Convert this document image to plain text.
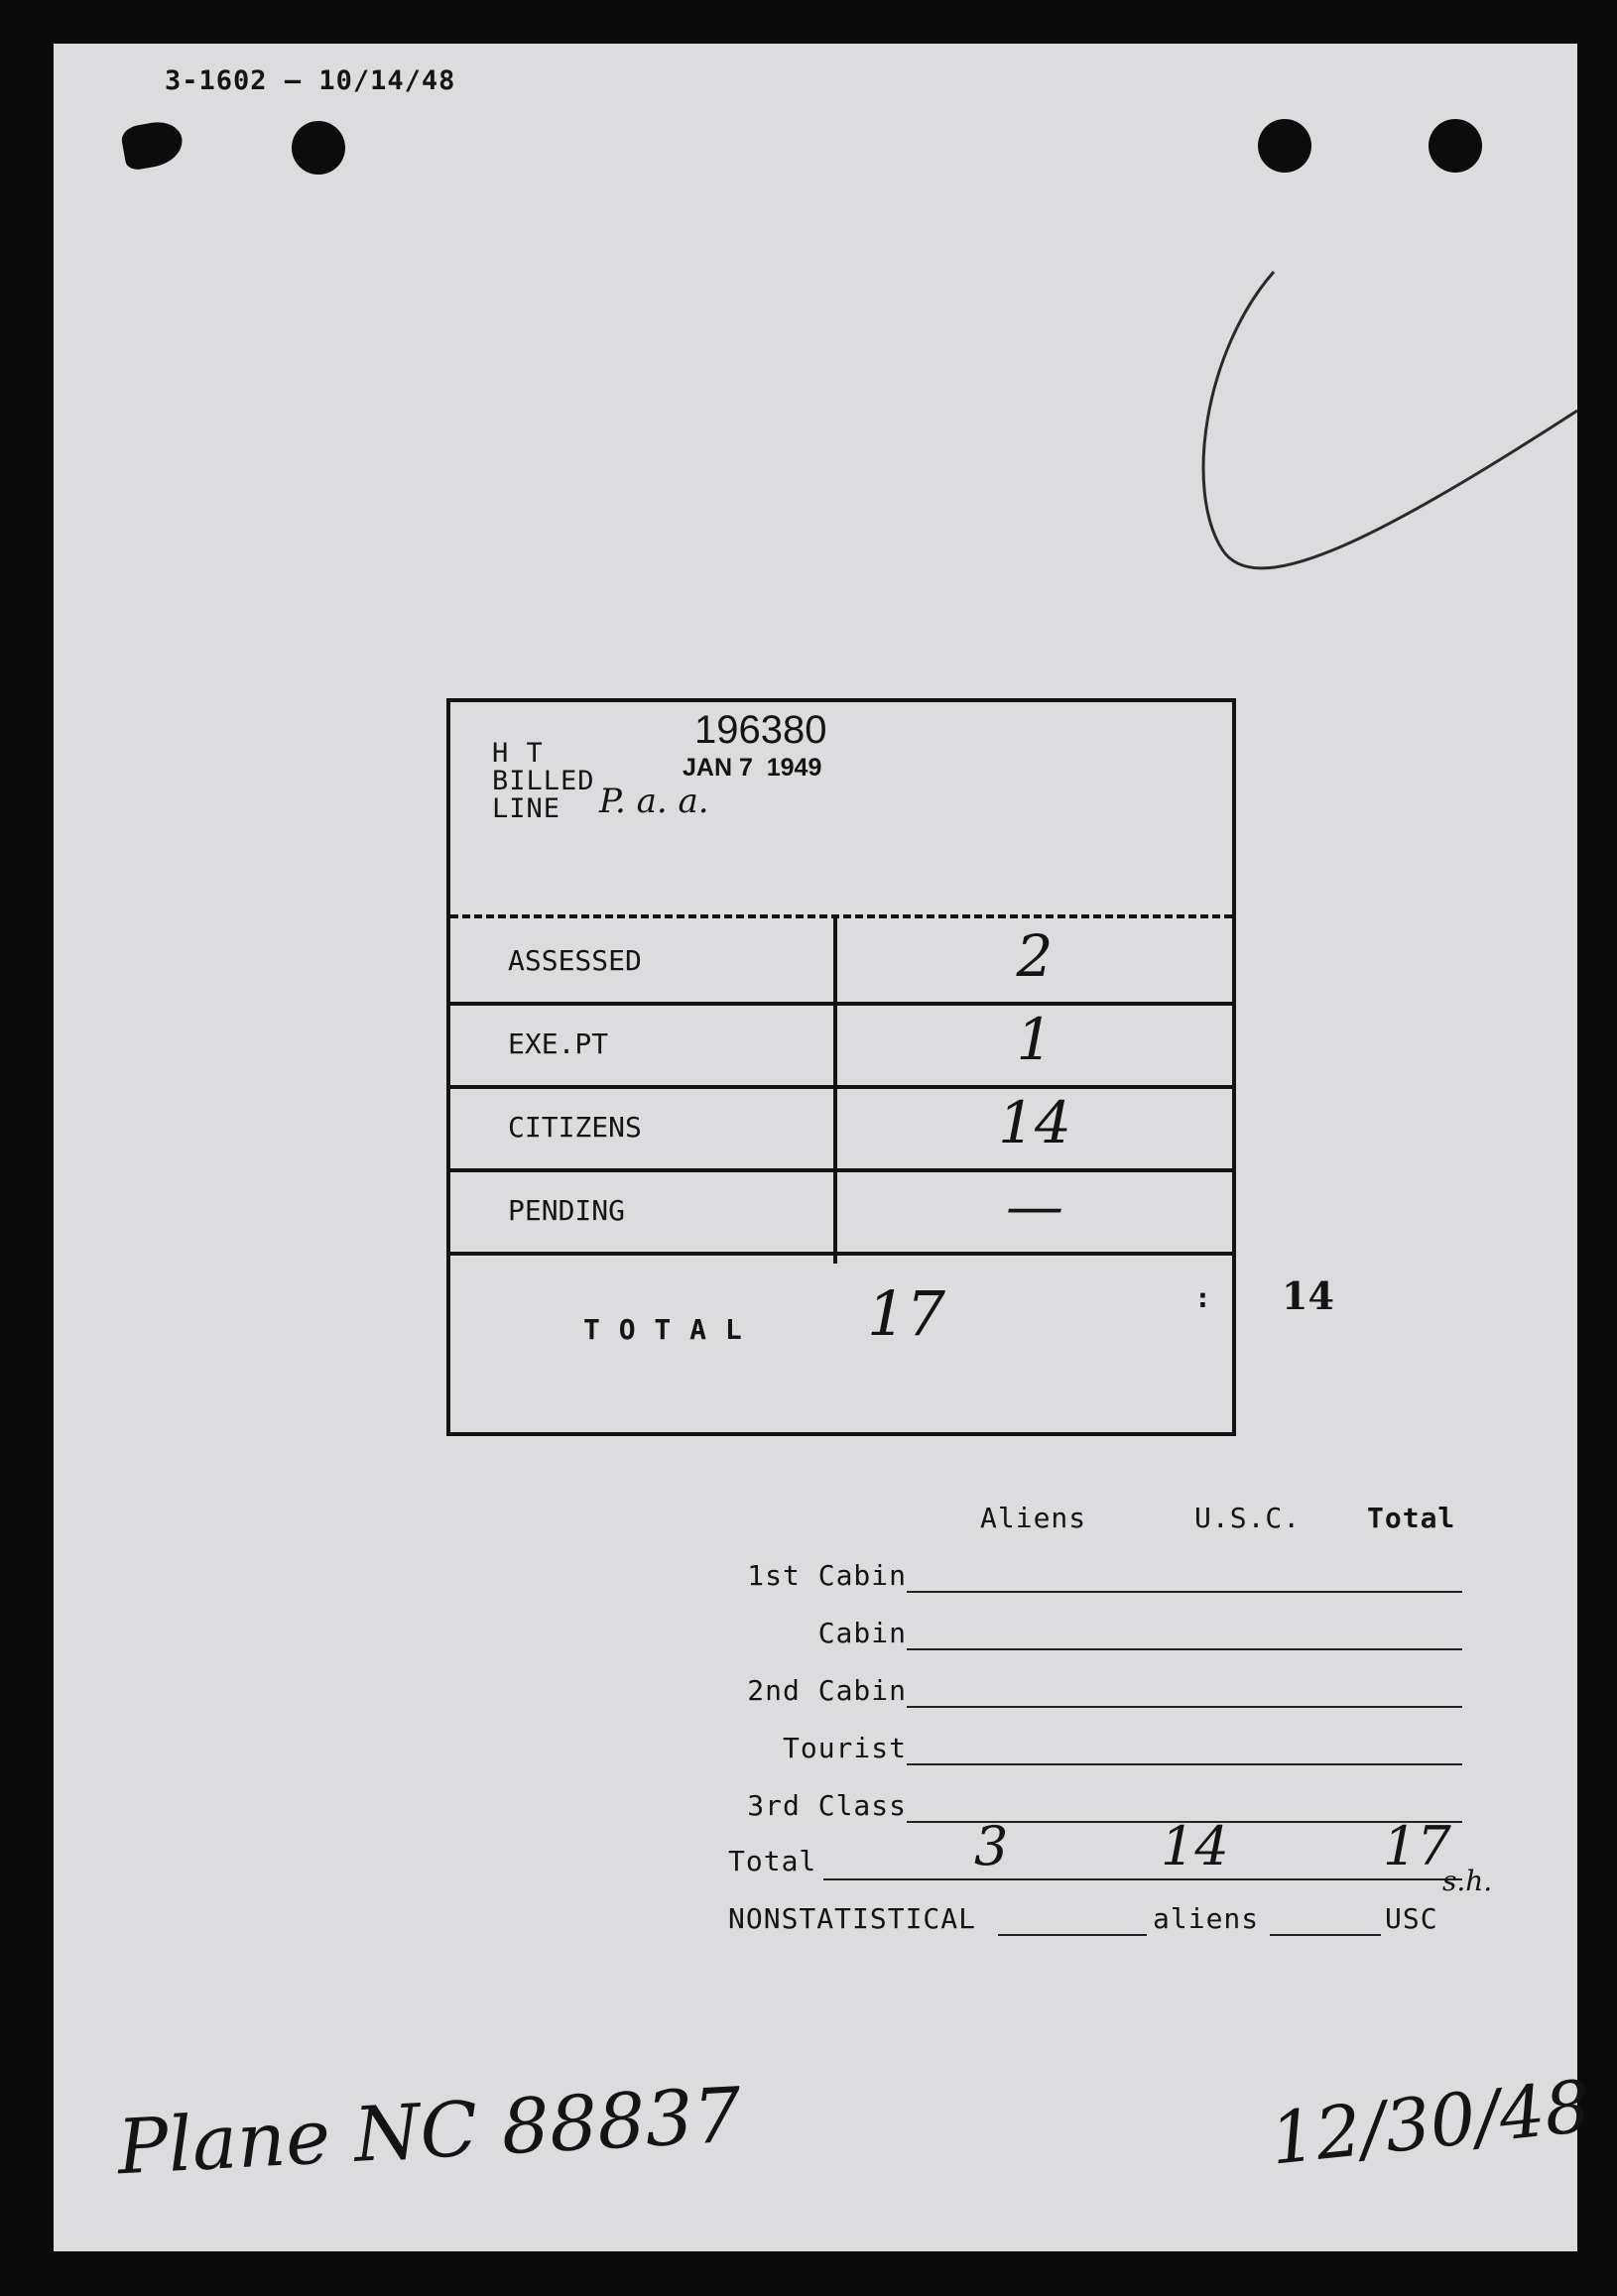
3-1602 — 10/14/48
H T
BILLED
LINE
196380
JAN 7  1949
P. a. a.
ASSESSED	2
EXE.PT	1
CITIZENS	14
PENDING	—
T O T A L 17	: 14
Aliens	U.S.C. Total
1st Cabin
Cabin
2nd Cabin
Tourist
3rd Class
Total	3	14	17
s.h.
NONSTATISTICAL	aliens	USC
Plane NC 88837	12/30/48
